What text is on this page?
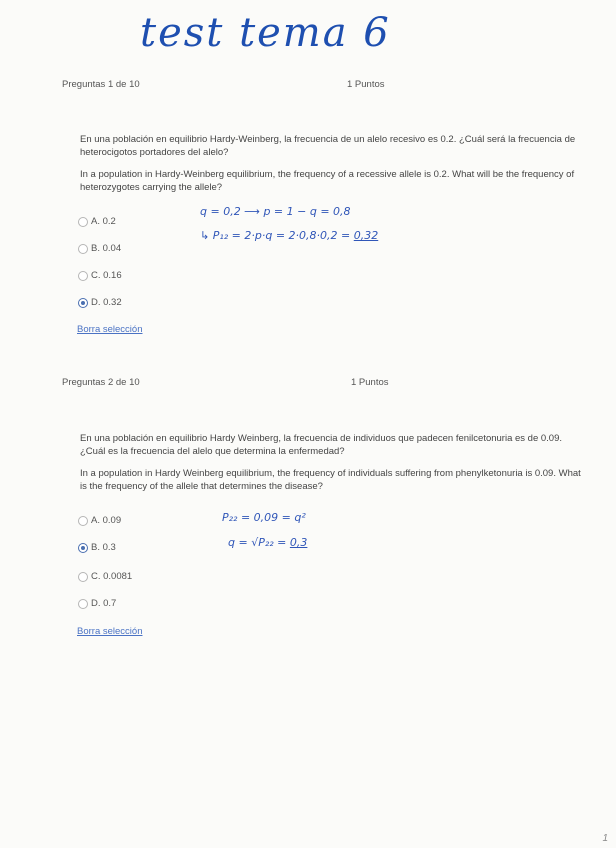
test tema 6
Preguntas 1 de 10	1 Puntos

En una población en equilibrio Hardy-Weinberg, la frecuencia de un alelo recesivo es 0.2. ¿Cuál será la frecuencia de heterocigotos portadores del alelo?

In a population in Hardy-Weinberg equilibrium, the frequency of a recessive allele is 0.2. What will be the frequency of heterozygotes carrying the allele?

A. 0.2
B. 0.04
C. 0.16
D. 0.32
Borra selección
q = 0,2 ⟶ p = 1 − q = 0,8
↳ P₁₂ = 2·p·q = 2·0,8·0,2 = 0,32
Preguntas 2 de 10	1 Puntos

En una población en equilibrio Hardy Weinberg, la frecuencia de individuos que padecen fenilcetonuria es de 0.09. ¿Cuál es la frecuencia del alelo que determina la enfermedad?

In a population in Hardy Weinberg equilibrium, the frequency of individuals suffering from phenylketonuria is 0.09. What is the frequency of the allele that determines the disease?

A. 0.09
B. 0.3
C. 0.0081
D. 0.7
Borra selección
P₂₂ = 0,09 = q²
q = √P₂₂ = 0,3
1
